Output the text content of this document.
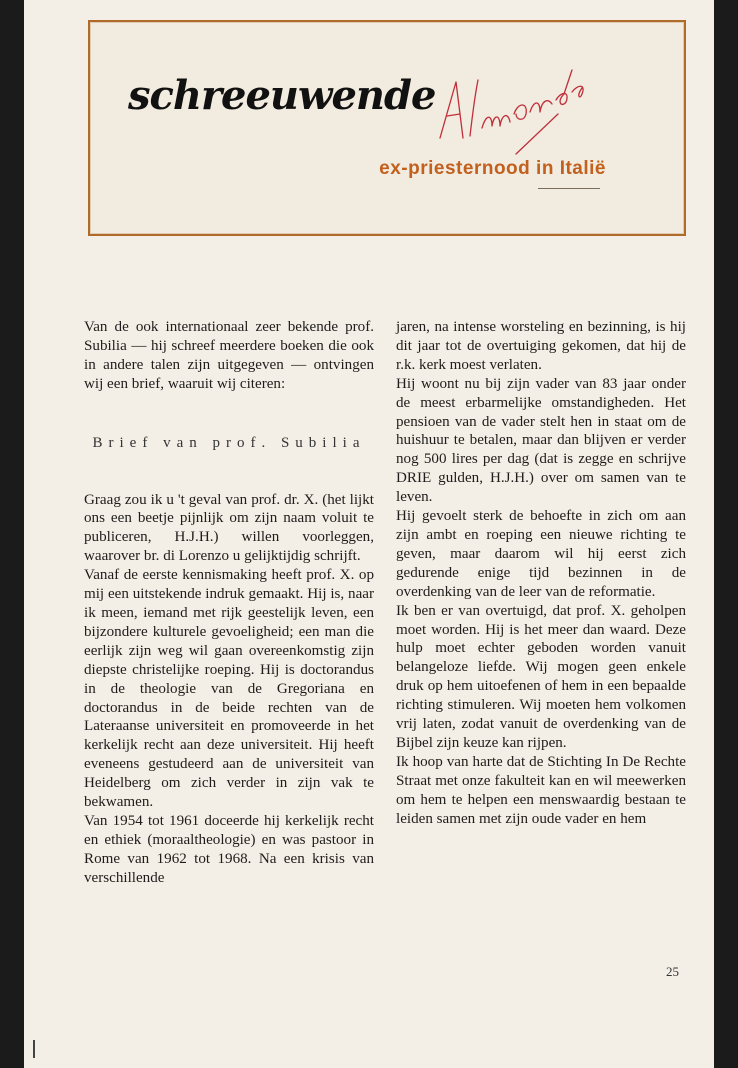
schreeuwende
ex-priesternood in Italië

Van de ook internationaal zeer bekende prof. Subilia — hij schreef meerdere boeken die ook in andere talen zijn uitgegeven — ontvingen wij een brief, waaruit wij citeren:

Brief van prof. Subilia

Graag zou ik u 't geval van prof. dr. X. (het lijkt ons een beetje pijnlijk om zijn naam voluit te publiceren, H.J.H.) willen voorleggen, waarover br. di Lorenzo u gelijktijdig schrijft.

Vanaf de eerste kennismaking heeft prof. X. op mij een uitstekende indruk gemaakt. Hij is, naar ik meen, iemand met rijk geestelijk leven, een bijzondere kulturele gevoeligheid; een man die eerlijk zijn weg wil gaan overeenkomstig zijn diepste christelijke roeping. Hij is doctorandus in de theologie van de Gregoriana en doctorandus in de beide rechten van de Lateraanse universiteit en promoveerde in het kerkelijk recht aan deze universiteit. Hij heeft eveneens gestudeerd aan de universiteit van Heidelberg om zich verder in zijn vak te bekwamen.

Van 1954 tot 1961 doceerde hij kerkelijk recht en ethiek (moraaltheologie) en was pastoor in Rome van 1962 tot 1968. Na een krisis van verschillende

jaren, na intense worsteling en bezinning, is hij dit jaar tot de overtuiging gekomen, dat hij de r.k. kerk moest verlaten.

Hij woont nu bij zijn vader van 83 jaar onder de meest erbarmelijke omstandigheden. Het pensioen van de vader stelt hen in staat om de huishuur te betalen, maar dan blijven er verder nog 500 lires per dag (dat is zegge en schrijve DRIE gulden, H.J.H.) over om samen van te leven.

Hij gevoelt sterk de behoefte in zich om aan zijn ambt en roeping een nieuwe richting te geven, maar daarom wil hij eerst zich gedurende enige tijd bezinnen in de overdenking van de leer van de reformatie.

Ik ben er van overtuigd, dat prof. X. geholpen moet worden. Hij is het meer dan waard. Deze hulp moet echter geboden worden vanuit belangeloze liefde. Wij mogen geen enkele druk op hem uitoefenen of hem in een bepaalde richting stimuleren. Wij moeten hem volkomen vrij laten, zodat vanuit de overdenking van de Bijbel zijn keuze kan rijpen.

Ik hoop van harte dat de Stichting In De Rechte Straat met onze fakulteit kan en wil meewerken om hem te helpen een menswaardig bestaan te leiden samen met zijn oude vader en hem

25
